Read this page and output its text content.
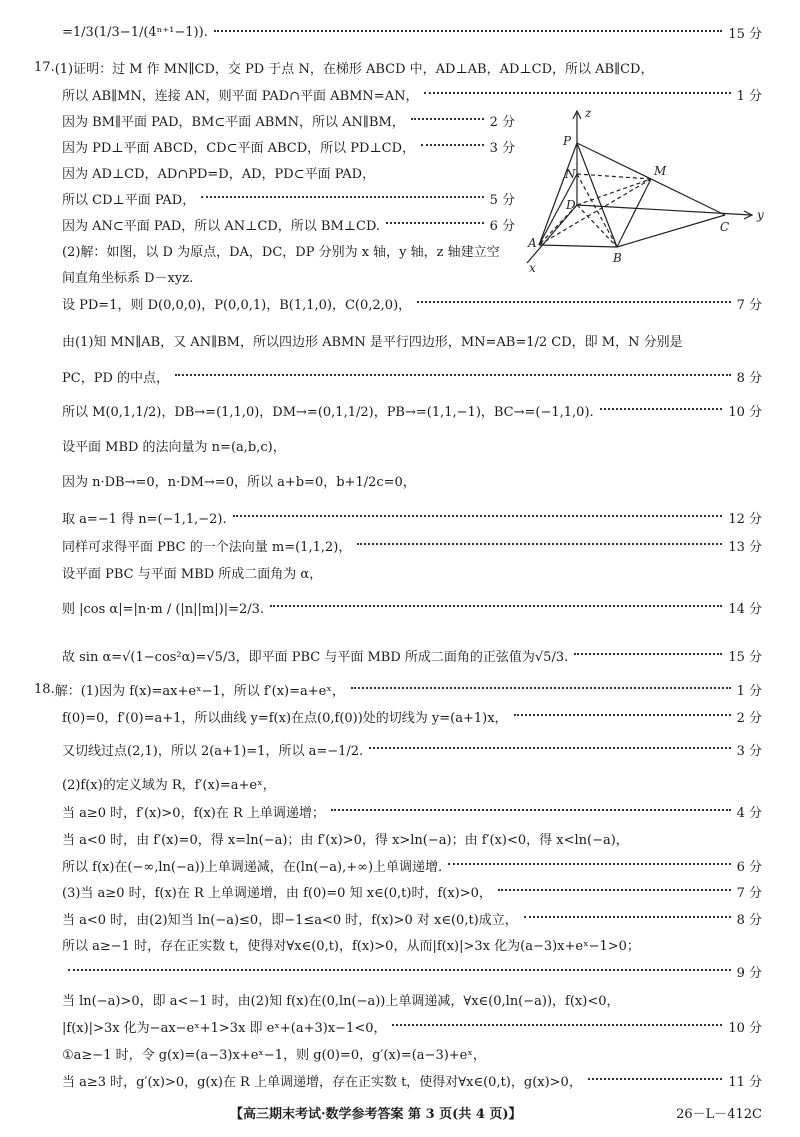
=1/3(1/3−1/(4ⁿ⁺¹−1)).	15 分
17. (1)证明：过 M 作 MN∥CD，交 PD 于点 N，在梯形 ABCD 中，AD⊥AB，AD⊥CD，所以 AB∥CD，
所以 AB∥MN，连接 AN，则平面 PAD∩平面 ABMN=AN，	1 分
因为 BM∥平面 PAD，BM⊂平面 ABMN，所以 AN∥BM，	2 分
因为 PD⊥平面 ABCD，CD⊂平面 ABCD，所以 PD⊥CD，	3 分
因为 AD⊥CD，AD∩PD=D，AD，PD⊂平面 PAD，
所以 CD⊥平面 PAD，	5 分
因为 AN⊂平面 PAD，所以 AN⊥CD，所以 BM⊥CD.	6 分
(2)解：如图，以 D 为原点，DA，DC，DP 分别为 x 轴，y 轴，z 轴建立空
间直角坐标系 D－xyz.
设 PD=1，则 D(0,0,0)，P(0,0,1)，B(1,1,0)，C(0,2,0)，	7 分
由(1)知 MN∥AB，又 AN∥BM，所以四边形 ABMN 是平行四边形，MN=AB=1/2 CD，即 M，N 分别是
PC，PD 的中点，	8 分
所以 M(0,1,1/2)，DB→=(1,1,0)，DM→=(0,1,1/2)，PB→=(1,1,−1)，BC→=(−1,1,0).	10 分
设平面 MBD 的法向量为 n=(a,b,c)，
因为 n·DB→=0，n·DM→=0，所以 a+b=0，b+1/2c=0，
取 a=−1 得 n=(−1,1,−2).	12 分
同样可求得平面 PBC 的一个法向量 m=(1,1,2)，	13 分
设平面 PBC 与平面 MBD 所成二面角为 α，
则 |cos α|=|n·m / (|n||m|)|=2/3.	14 分
故 sin α=√(1−cos²α)=√5/3，即平面 PBC 与平面 MBD 所成二面角的正弦值为√5/3.	15 分
18. 解：(1)因为 f(x)=ax+eˣ−1，所以 f′(x)=a+eˣ，	1 分
f(0)=0，f′(0)=a+1，所以曲线 y=f(x)在点(0,f(0))处的切线为 y=(a+1)x，	2 分
又切线过点(2,1)，所以 2(a+1)=1，所以 a=−1/2.	3 分
(2)f(x)的定义域为 R，f′(x)=a+eˣ，
当 a≥0 时，f′(x)>0，f(x)在 R 上单调递增；	4 分
当 a<0 时，由 f′(x)=0，得 x=ln(−a)；由 f′(x)>0，得 x>ln(−a)；由 f′(x)<0，得 x<ln(−a)，
所以 f(x)在(−∞,ln(−a))上单调递减，在(ln(−a),+∞)上单调递增.	6 分
(3)当 a≥0 时，f(x)在 R 上单调递增，由 f(0)=0 知 x∈(0,t)时，f(x)>0，	7 分
当 a<0 时，由(2)知当 ln(−a)≤0，即−1≤a<0 时，f(x)>0 对 x∈(0,t)成立，	8 分
所以 a≥−1 时，存在正实数 t，使得对∀x∈(0,t)，f(x)>0，从而|f(x)|>3x 化为(a−3)x+eˣ−1>0；
9 分
当 ln(−a)>0，即 a<−1 时，由(2)知 f(x)在(0,ln(−a))上单调递减，∀x∈(0,ln(−a))，f(x)<0，
|f(x)|>3x 化为−ax−eˣ+1>3x 即 eˣ+(a+3)x−1<0，	10 分
①a≥−1 时，令 g(x)=(a−3)x+eˣ−1，则 g(0)=0，g′(x)=(a−3)+eˣ，
当 a≥3 时，g′(x)>0，g(x)在 R 上单调递增，存在正实数 t，使得对∀x∈(0,t)，g(x)>0，	11 分
z
P
M
N
D
A
B
C
y
x
【高三期末考试·数学参考答案 第 3 页(共 4 页)】	26－L－412C
